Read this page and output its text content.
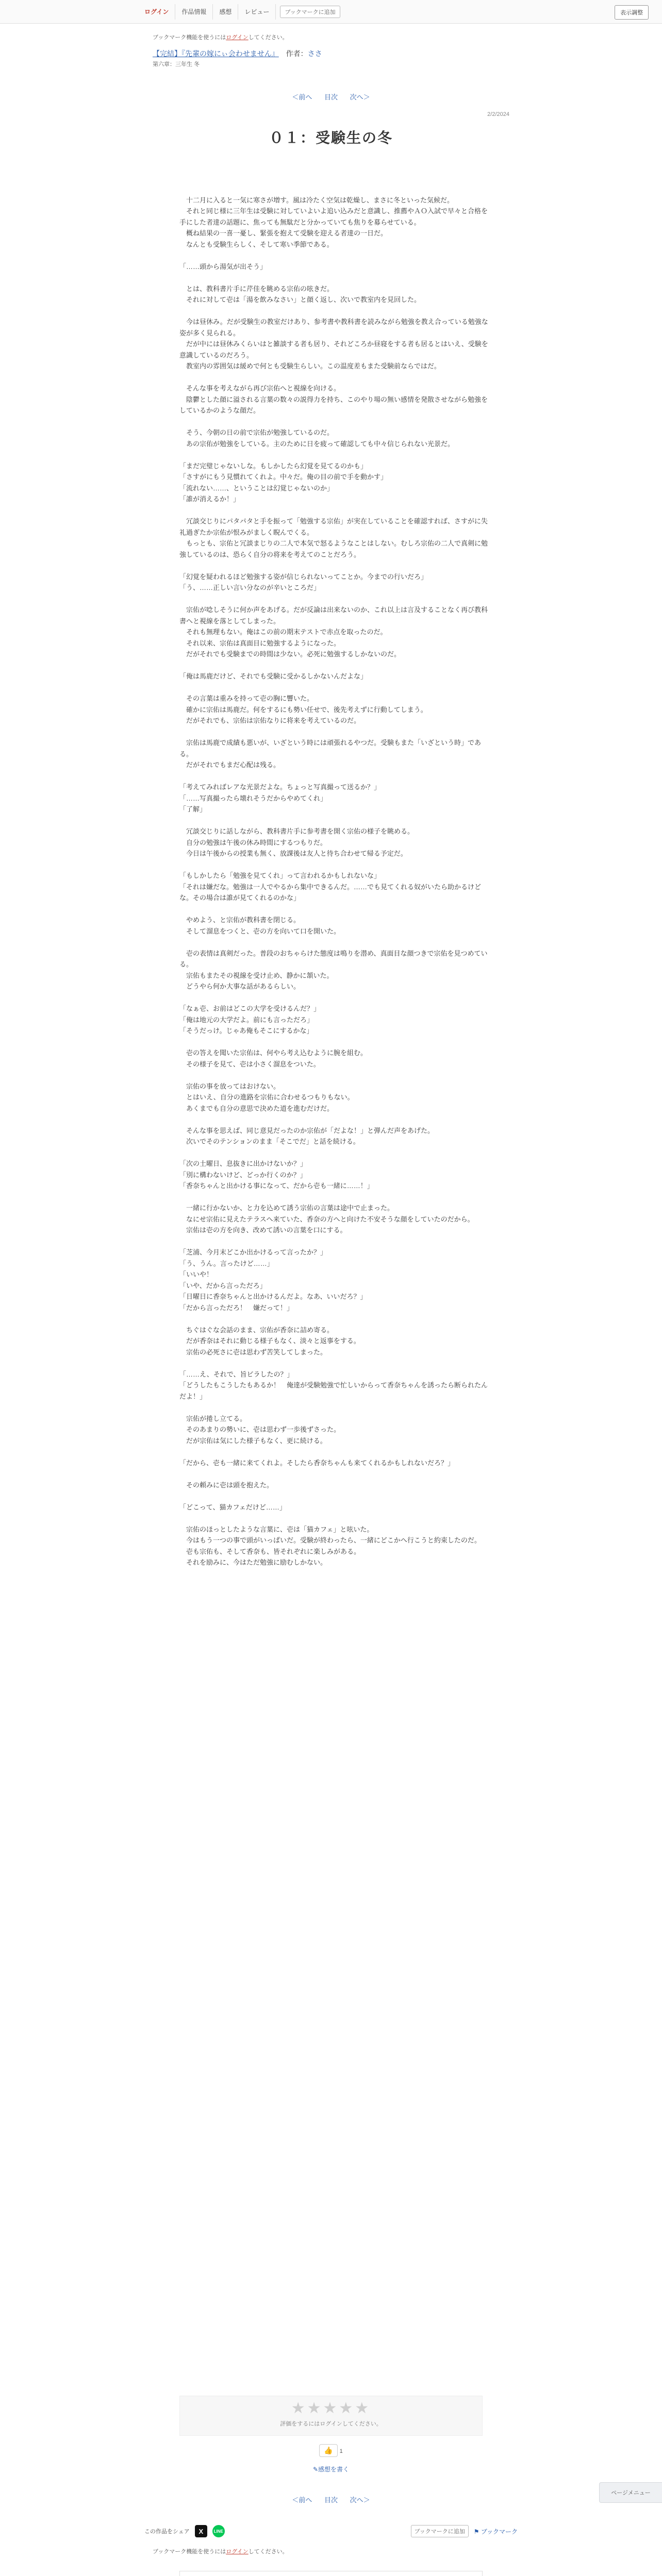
ログイン	作品情報	感想	レビュー	ブックマークに追加	表示調整
ブックマーク機能を使うにはログインしてください。
【完結】『先輩の嫁にぃ会わせません』 作者：ささ
第六章：三年生 冬
＜前へ 目次 次へ＞
2/2/2024
０１：受験生の冬

　十二月に入ると一気に寒さが増す。風は冷たく空気は乾燥し、まさに冬といった気候だ。

　それと同じ様に三年生は受験に対していよいよ追い込みだと意識し、推薦やＡＯ入試で早々と合格を手にした者達の話題に、焦っても無駄だと分かっていても焦りを募らせている。

　概ね結果の一喜一憂し、緊張を抱えて受験を迎える者達の一日だ。

　なんとも受験生らしく、そして寒い季節である。

「……頭から湯気が出そう」

　とは、教科書片手に芹佳を眺める宗佑の呟きだ。

　それに対して壱は「湯を飲みなさい」と顔く返し、次いで教室内を見回した。

　今は昼休み。だが受験生の教室だけあり、参考書や教科書を読みながら勉強を教え合っている勉強な姿が多く見られる。

　だが中には昼休みくらいはと雑談する者も居り、それどころか昼寝をする者も居るとはいえ、受験を意識しているのだろう。

　教室内の雰囲気は緩めで何とも受験生らしい。この温度差もまた受験前ならではだ。

　そんな事を考えながら再び宗佑へと視線を向ける。

　陰鬱とした顔に溢される言葉の数々の説得力を持ち、このやり場の無い感情を発散させながら勉強をしているかのような顔だ。

　そう、今朝の日の前で宗佑が勉強しているのだ。

　あの宗佑が勉強をしている。主のために日を疲って確認しても中々信じられない光景だ。

「まだ完璧じゃないしな。もしかしたら幻覚を見てるのかも」

「さすがにもう見慣れてくれよ。中々だ。俺の目の前で手を動かす」

「流れない……、ということは幻覚じゃないのか」

「誰が消えるか！」

　冗談交じりにパタパタと手を振って「勉強する宗佑」が実在していることを確認すれば、さすがに失礼過ぎたか宗佑が恨みがましく睨んでくる。

　もっとも、宗佑と冗談まじりの二人で本気で怒るようなことはしない。むしろ宗佑の二人で真剣に勉強しているのは、恐らく自分の将来を考えてのことだろう。

「幻覚を疑われるほど勉強する姿が信じられないってことか。今までの行いだろ」

「う、……正しい言い分なのが辛いところだ」

　宗佑が唸しそうに何か声をあげる。だが反論は出来ないのか、これ以上は言及することなく再び教科書へと視線を落としてしまった。

　それも無理もない。俺はこの前の期末テストで赤点を取ったのだ。

　それ以来、宗佑は真面目に勉強するようになった。

　だがそれでも受験までの時間は少ない。必死に勉強するしかないのだ。

「俺は馬鹿だけど、それでも受験に受かるしかないんだよな」

　その言葉は重みを持って壱の胸に響いた。

　確かに宗佑は馬鹿だ。何をするにも勢い任せで、後先考えずに行動してしまう。

　だがそれでも、宗佑は宗佑なりに将来を考えているのだ。

　宗佑は馬鹿で成績も悪いが、いざという時には頑張れるやつだ。受験もまた「いざという時」である。

　だがそれでもまだ心配は残る。

「考えてみればレアな光景だよな。ちょっと写真撮って送るか？」

「……写真撮ったら壊れそうだからやめてくれ」

「了解」

　冗談交じりに話しながら、教科書片手に参考書を開く宗佑の様子を眺める。

　自分の勉強は午後の休み時間にするつもりだ。

　今日は午後からの授業も無く、放課後は友人と待ち合わせて帰る予定だ。

「もしかしたら「勉強を見てくれ」って言われるかもしれないな」

「それは嫌だな。勉強は一人でやるから集中できるんだ。……でも見てくれる奴がいたら助かるけどな。その場合は誰が見てくれるのかな」

　やめよう、と宗佑が教科書を閉じる。

　そして溜息をつくと、壱の方を向いて口を開いた。

　壱の表情は真剣だった。普段のおちゃらけた態度は鳴りを潜め、真面目な顔つきで宗佑を見つめている。

　宗佑もまたその視線を受け止め、静かに頷いた。

　どうやら何か大事な話があるらしい。

「なぁ壱、お前はどこの大学を受けるんだ？」

「俺は地元の大学だよ。前にも言っただろ」

「そうだっけ。じゃあ俺もそこにするかな」

　壱の答えを聞いた宗佑は、何やら考え込むように腕を組む。

　その様子を見て、壱は小さく溜息をついた。

　宗佑の事を放ってはおけない。

　とはいえ、自分の進路を宗佑に合わせるつもりもない。

　あくまでも自分の意思で決めた道を進むだけだ。

　そんな事を思えば、同じ意見だったのか宗佑が「だよな！」と弾んだ声をあげた。

　次いでそのテンションのまま「そこでだ」と話を続ける。

「次の土曜日、息抜きに出かけないか？」

「別に構わないけど、どっか行くのか？」

「香奈ちゃんと出かける事になって、だから壱も一緒に……！」

　一緒に行かないか、と力を込めて誘う宗佑の言葉は途中で止まった。

　なにせ宗佑に見えたテラスへ来ていた、香奈の方へと向けた不安そうな顔をしていたのだから。

　宗佑は壱の方を向き、改めて誘いの言葉を口にする。

「芝浦、今月末どこか出かけるって言ったか？」

「う、うん。言ったけど……」

「いいや！

「いや、だから言っただろ」

「日曜日に香奈ちゃんと出かけるんだよ。なあ、いいだろ？」

「だから言っただろ！　嫌だって！」

　ちぐはぐな会話のまま、宗佑が香奈に詰め寄る。

　だが香奈はそれに動じる様子もなく、淡々と返事をする。

　宗佑の必死さに壱は思わず苦笑してしまった。

「……え、それで、旨ビラしたの？」

「どうしたもこうしたもあるか！　俺達が受験勉強で忙しいからって香奈ちゃんを誘ったら断られたんだよ！」

　宗佑が捲し立てる。

　そのあまりの勢いに、壱は思わず一歩後ずさった。

　だが宗佑は気にした様子もなく、更に続ける。

「だから、壱も一緒に来てくれよ。そしたら香奈ちゃんも来てくれるかもしれないだろ？」

　その頼みに壱は頭を抱えた。

「どこって、猫カフェだけど……」

　宗佑のほっとしたような言葉に、壱は「猫カフェ」と呟いた。

　今はもう一つの事で頭がいっぱいだ。受験が終わったら、一緒にどこかへ行こうと約束したのだ。

　壱も宗佑も、そして香奈も、皆それぞれに楽しみがある。

　それを励みに、今はただ勉強に励むしかない。

ページメニュー
★★★★★
評価をするにはログインしてください。
👍 1
✎感想を書く
＜前へ 目次 次へ＞
この作品をシェア	X	LINE	ブックマークに追加	⚑ ブックマーク
ブックマーク機能を使うにはログインしてください。
